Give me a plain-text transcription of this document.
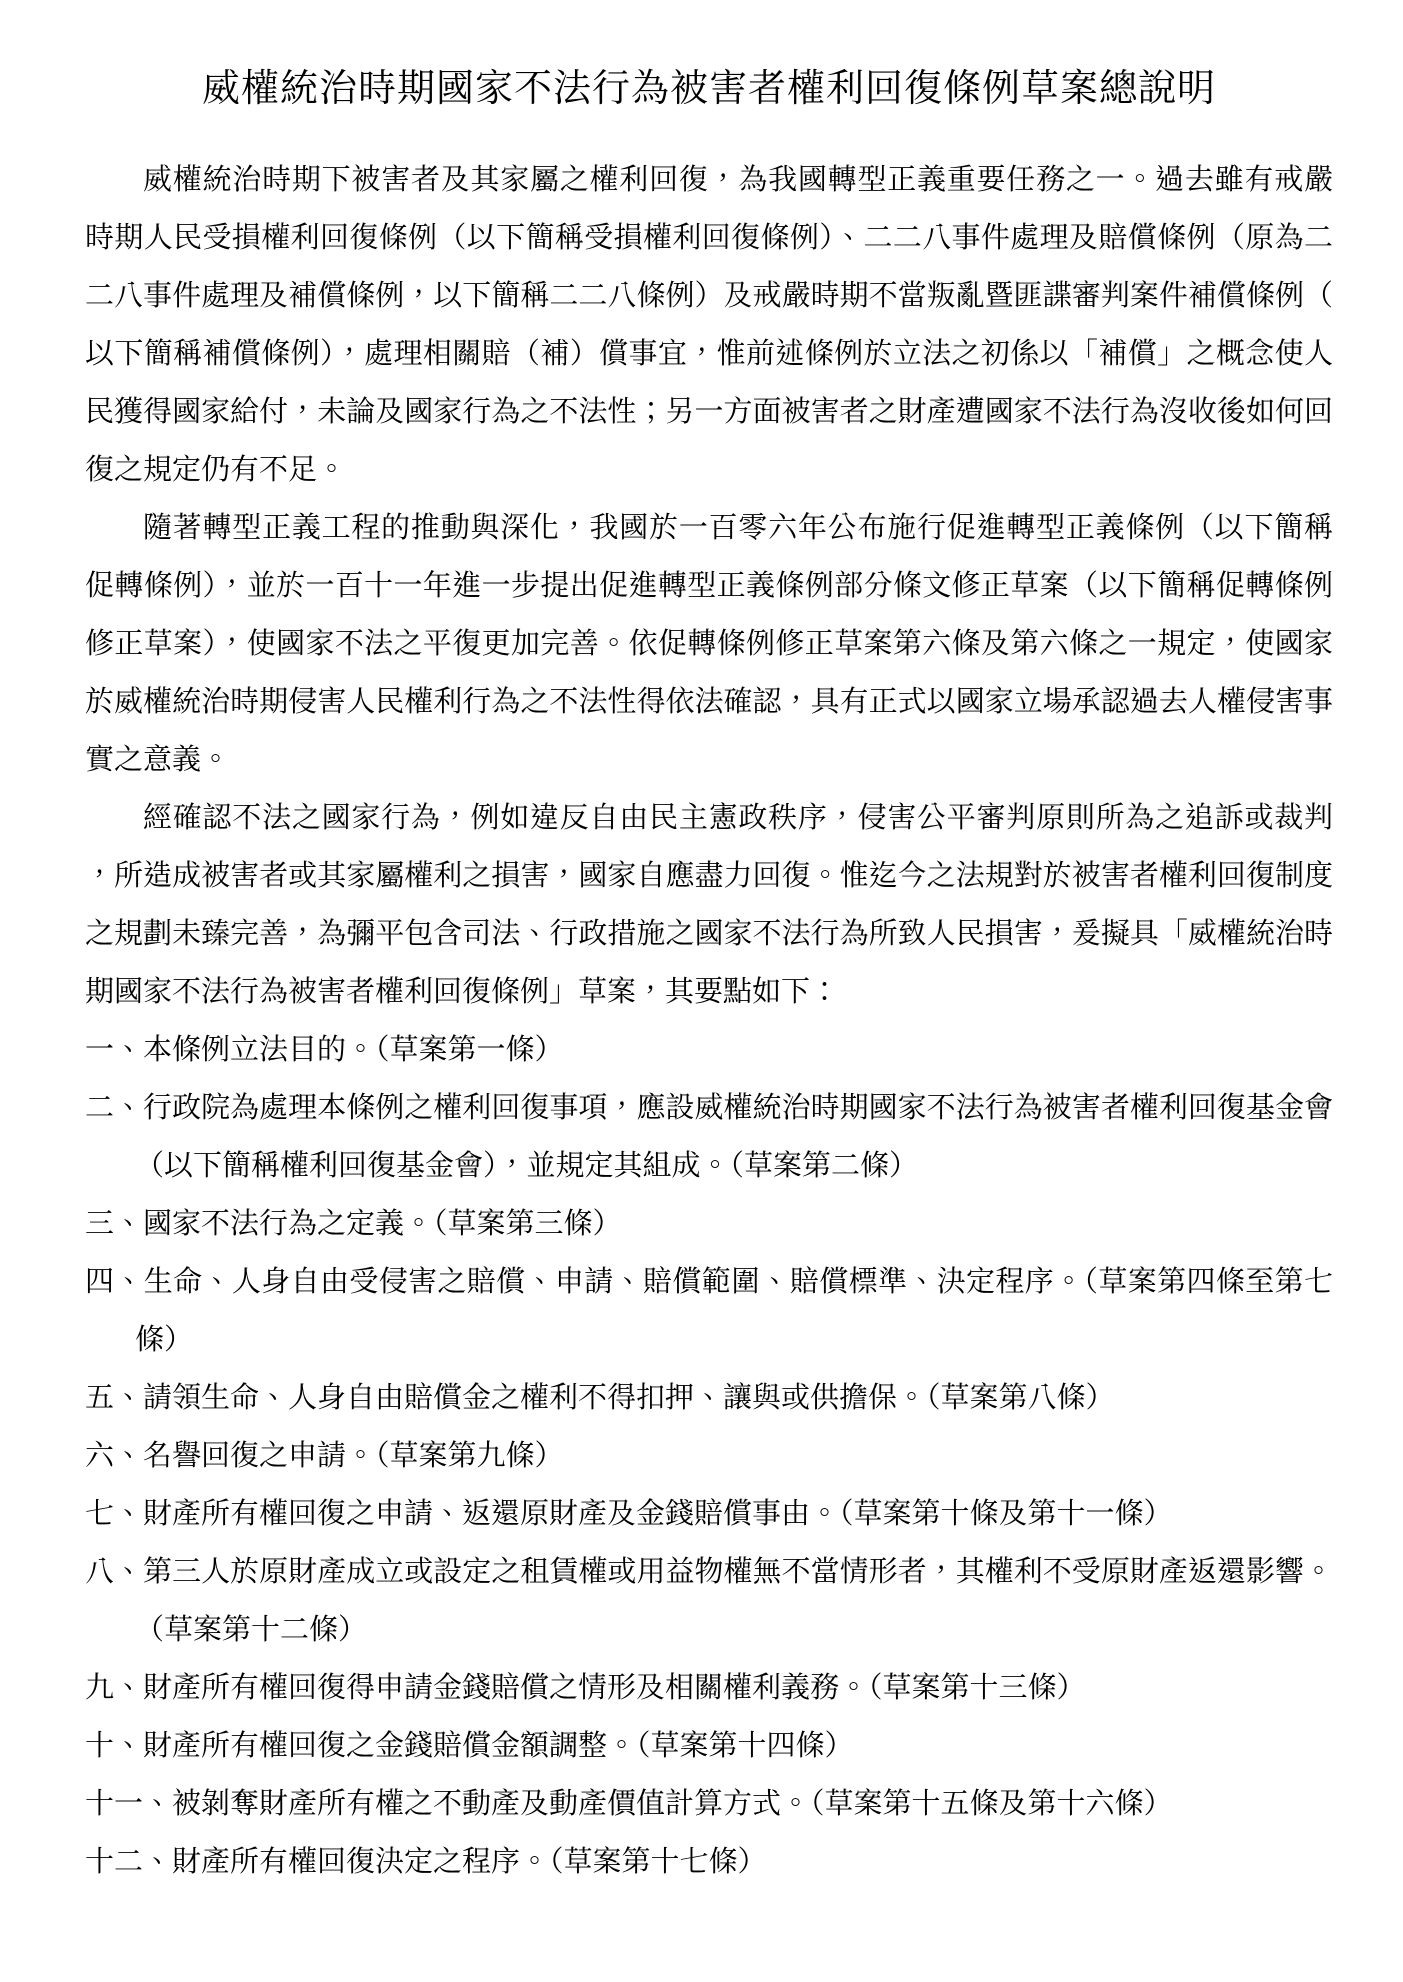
威權統治時期國家不法行為被害者權利回復條例草案總說明
威權統治時期下被害者及其家屬之權利回復，為我國轉型正義重要任務之一。過去雖有戒嚴
時期人民受損權利回復條例（以下簡稱受損權利回復條例）、二二八事件處理及賠償條例（原為二
二八事件處理及補償條例，以下簡稱二二八條例）及戒嚴時期不當叛亂暨匪諜審判案件補償條例（
以下簡稱補償條例），處理相關賠（補）償事宜，惟前述條例於立法之初係以「補償」之概念使人
民獲得國家給付，未論及國家行為之不法性；另一方面被害者之財產遭國家不法行為沒收後如何回
復之規定仍有不足。
隨著轉型正義工程的推動與深化，我國於一百零六年公布施行促進轉型正義條例（以下簡稱
促轉條例），並於一百十一年進一步提出促進轉型正義條例部分條文修正草案（以下簡稱促轉條例
修正草案），使國家不法之平復更加完善。依促轉條例修正草案第六條及第六條之一規定，使國家
於威權統治時期侵害人民權利行為之不法性得依法確認，具有正式以國家立場承認過去人權侵害事
實之意義。
經確認不法之國家行為，例如違反自由民主憲政秩序，侵害公平審判原則所為之追訴或裁判
，所造成被害者或其家屬權利之損害，國家自應盡力回復。惟迄今之法規對於被害者權利回復制度
之規劃未臻完善，為彌平包含司法、行政措施之國家不法行為所致人民損害，爰擬具「威權統治時
期國家不法行為被害者權利回復條例」草案，其要點如下：
一、本條例立法目的。（草案第一條）
二、行政院為處理本條例之權利回復事項，應設威權統治時期國家不法行為被害者權利回復基金會
（以下簡稱權利回復基金會），並規定其組成。（草案第二條）
三、國家不法行為之定義。（草案第三條）
四、生命、人身自由受侵害之賠償、申請、賠償範圍、賠償標準、決定程序。（草案第四條至第七
條）
五、請領生命、人身自由賠償金之權利不得扣押、讓與或供擔保。（草案第八條）
六、名譽回復之申請。（草案第九條）
七、財產所有權回復之申請、返還原財產及金錢賠償事由。（草案第十條及第十一條）
八、第三人於原財產成立或設定之租賃權或用益物權無不當情形者，其權利不受原財產返還影響。
（草案第十二條）
九、財產所有權回復得申請金錢賠償之情形及相關權利義務。（草案第十三條）
十、財產所有權回復之金錢賠償金額調整。（草案第十四條）
十一、被剝奪財產所有權之不動產及動產價值計算方式。（草案第十五條及第十六條）
十二、財產所有權回復決定之程序。（草案第十七條）
